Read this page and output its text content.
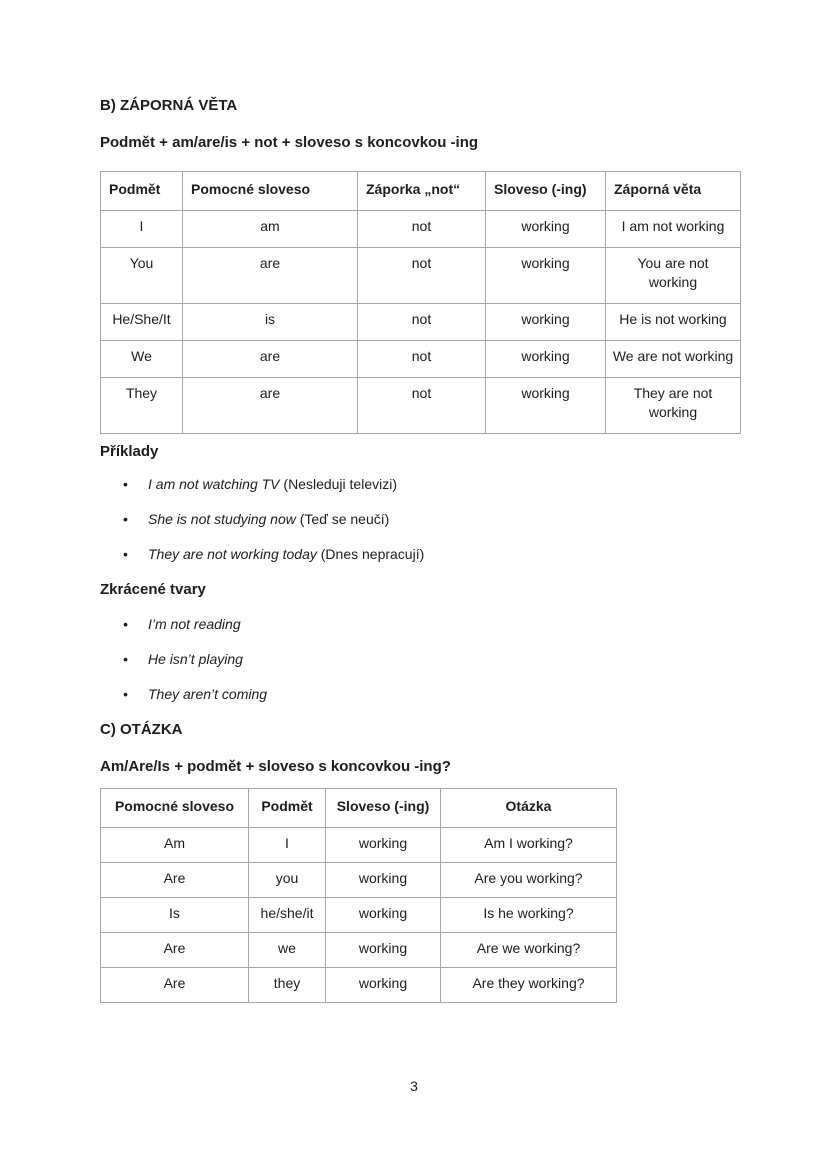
B) ZÁPORNÁ VĚTA

Podmět + am/are/is + not + sloveso s koncovkou -ing

Podmět	Pomocné sloveso	Záporka „not“	Sloveso (-ing)	Záporná věta
I	am	not	working	I am not working
You	are	not	working	You are not working
He/She/It	is	not	working	He is not working
We	are	not	working	We are not working
They	are	not	working	They are not working

Příklady

• I am not watching TV (Nesleduji televizi)
• She is not studying now (Teď se neučí)
• They are not working today (Dnes nepracují)

Zkrácené tvary

• I’m not reading
• He isn’t playing
• They aren’t coming

C) OTÁZKA

Am/Are/Is + podmět + sloveso s koncovkou -ing?

Pomocné sloveso	Podmět	Sloveso (-ing)	Otázka
Am	I	working	Am I working?
Are	you	working	Are you working?
Is	he/she/it	working	Is he working?
Are	we	working	Are we working?
Are	they	working	Are they working?
3
